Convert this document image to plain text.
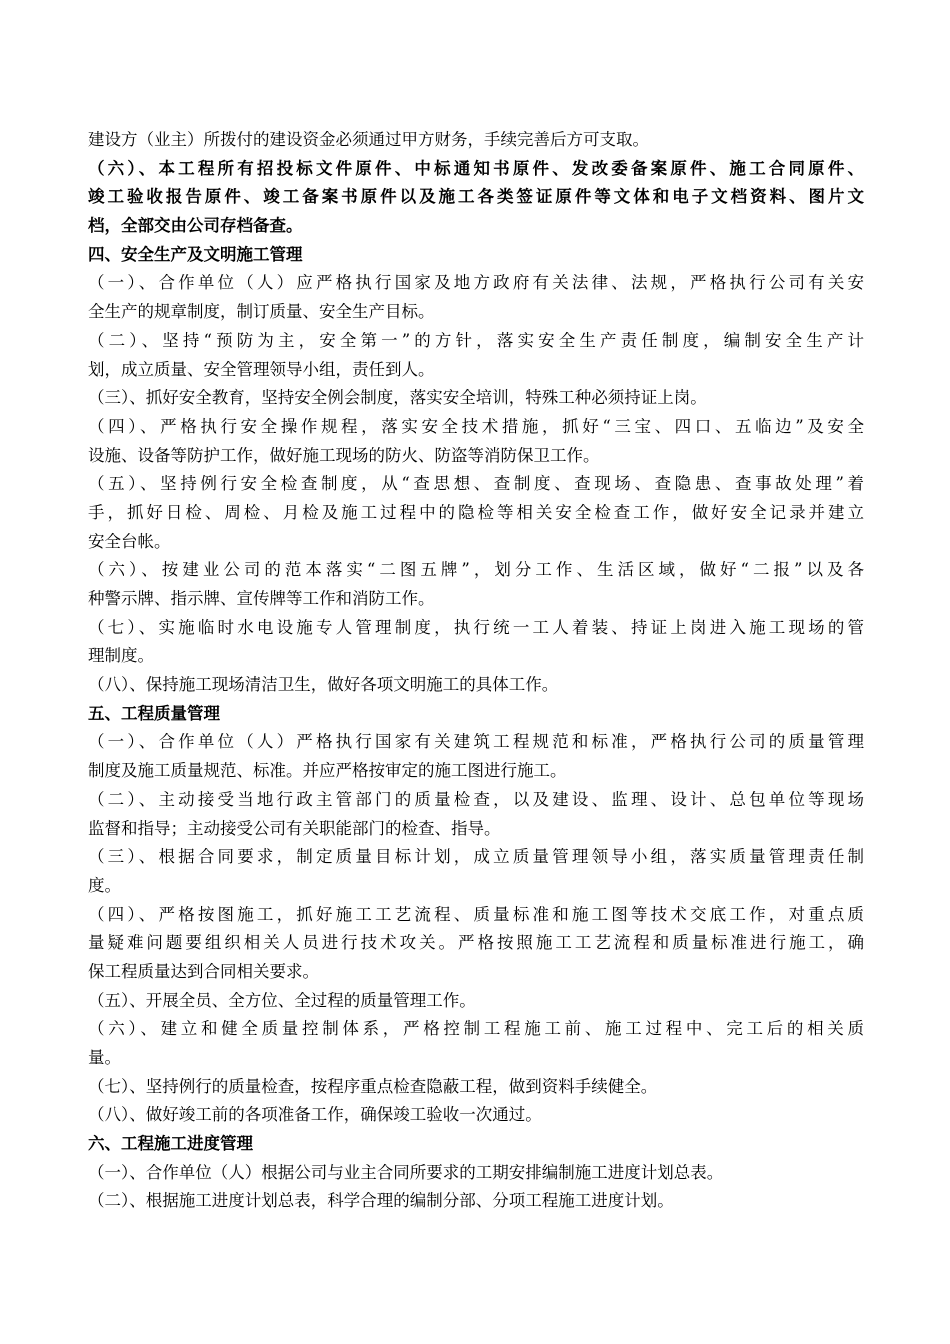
建设方（业主）所拨付的建设资金必须通过甲方财务，手续完善后方可支取。
（六）、本工程所有招投标文件原件、中标通知书原件、发改委备案原件、施工合同原件、
竣工验收报告原件、竣工备案书原件以及施工各类签证原件等文体和电子文档资料、图片文
档，全部交由公司存档备查。
四、安全生产及文明施工管理
（一）、合作单位（人）应严格执行国家及地方政府有关法律、法规，严格执行公司有关安
全生产的规章制度，制订质量、安全生产目标。
（二）、坚持“预防为主，安全第一”的方针，落实安全生产责任制度，编制安全生产计
划，成立质量、安全管理领导小组，责任到人。
（三）、抓好安全教育，坚持安全例会制度，落实安全培训，特殊工种必须持证上岗。
（四）、严格执行安全操作规程，落实安全技术措施，抓好“三宝、四口、五临边”及安全
设施、设备等防护工作，做好施工现场的防火、防盗等消防保卫工作。
（五）、坚持例行安全检查制度，从“查思想、查制度、查现场、查隐患、查事故处理”着
手，抓好日检、周检、月检及施工过程中的隐检等相关安全检查工作，做好安全记录并建立
安全台帐。
（六）、按建业公司的范本落实“二图五牌”，划分工作、生活区域，做好“二报”以及各
种警示牌、指示牌、宣传牌等工作和消防工作。
（七）、实施临时水电设施专人管理制度，执行统一工人着装、持证上岗进入施工现场的管
理制度。
（八）、保持施工现场清洁卫生，做好各项文明施工的具体工作。
五、工程质量管理
（一）、合作单位（人）严格执行国家有关建筑工程规范和标准，严格执行公司的质量管理
制度及施工质量规范、标准。并应严格按审定的施工图进行施工。
（二）、主动接受当地行政主管部门的质量检查，以及建设、监理、设计、总包单位等现场
监督和指导；主动接受公司有关职能部门的检查、指导。
（三）、根据合同要求，制定质量目标计划，成立质量管理领导小组，落实质量管理责任制
度。
（四）、严格按图施工，抓好施工工艺流程、质量标准和施工图等技术交底工作，对重点质
量疑难问题要组织相关人员进行技术攻关。严格按照施工工艺流程和质量标准进行施工，确
保工程质量达到合同相关要求。
（五）、开展全员、全方位、全过程的质量管理工作。
（六）、建立和健全质量控制体系，严格控制工程施工前、施工过程中、完工后的相关质
量。
（七）、坚持例行的质量检查，按程序重点检查隐蔽工程，做到资料手续健全。
（八）、做好竣工前的各项准备工作，确保竣工验收一次通过。
六、工程施工进度管理
（一）、合作单位（人）根据公司与业主合同所要求的工期安排编制施工进度计划总表。
（二）、根据施工进度计划总表，科学合理的编制分部、分项工程施工进度计划。
